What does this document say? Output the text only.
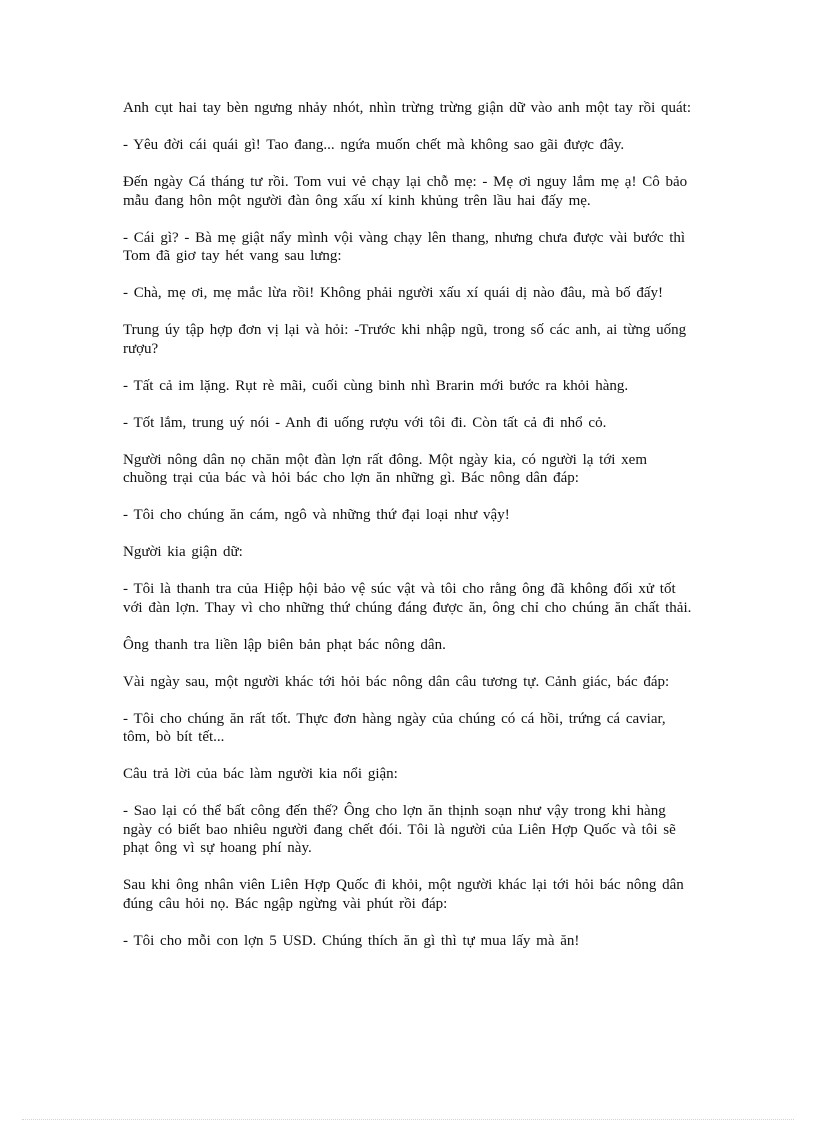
Anh cụt hai tay bèn ngưng nhảy nhót, nhìn trừng trừng giận dữ vào anh một tay rồi quát:

- Yêu đời cái quái gì! Tao đang... ngứa muốn chết mà không sao gãi được đây.

Đến ngày Cá tháng tư rồi. Tom vui vẻ chạy lại chỗ mẹ: - Mẹ ơi nguy lắm mẹ ạ! Cô bảo mẫu đang hôn một người đàn ông xấu xí kinh khủng trên lầu hai đấy mẹ.

- Cái gì? - Bà mẹ giật nẩy mình vội vàng chạy lên thang, nhưng chưa được vài bước thì Tom đã giơ tay hét vang sau lưng:

- Chà, mẹ ơi, mẹ mắc lừa rồi! Không phải người xấu xí quái dị nào đâu, mà bố đấy!

Trung úy tập hợp đơn vị lại và hỏi: -Trước khi nhập ngũ, trong số các anh, ai từng uống rượu?

- Tất cả im lặng. Rụt rè mãi, cuối cùng binh nhì Brarin mới bước ra khỏi hàng.

- Tốt lắm, trung uý nói - Anh đi uống rượu với tôi đi. Còn tất cả đi nhổ cỏ.

Người nông dân nọ chăn một đàn lợn rất đông. Một ngày kia, có người lạ tới xem chuồng trại của bác và hỏi bác cho lợn ăn những gì. Bác nông dân đáp:

- Tôi cho chúng ăn cám, ngô và những thứ đại loại như vậy!

Người kia giận dữ:

- Tôi là thanh tra của Hiệp hội bảo vệ súc vật và tôi cho rằng ông đã không đối xử tốt với đàn lợn. Thay vì cho những thứ chúng đáng được ăn, ông chỉ cho chúng ăn chất thải.

Ông thanh tra liền lập biên bản phạt bác nông dân.

Vài ngày sau, một người khác tới hỏi bác nông dân câu tương tự. Cảnh giác, bác đáp:

- Tôi cho chúng ăn rất tốt. Thực đơn hàng ngày của chúng có cá hồi, trứng cá caviar, tôm, bò bít tết...

Câu trả lời của bác làm người kia nổi giận:

- Sao lại có thể bất công đến thế? Ông cho lợn ăn thịnh soạn như vậy trong khi hàng ngày có biết bao nhiêu người đang chết đói. Tôi là người của Liên Hợp Quốc và tôi sẽ phạt ông vì sự hoang phí này.

Sau khi ông nhân viên Liên Hợp Quốc đi khỏi, một người khác lại tới hỏi bác nông dân đúng câu hỏi nọ. Bác ngập ngừng vài phút rồi đáp:

- Tôi cho mỗi con lợn 5 USD. Chúng thích ăn gì thì tự mua lấy mà ăn!
